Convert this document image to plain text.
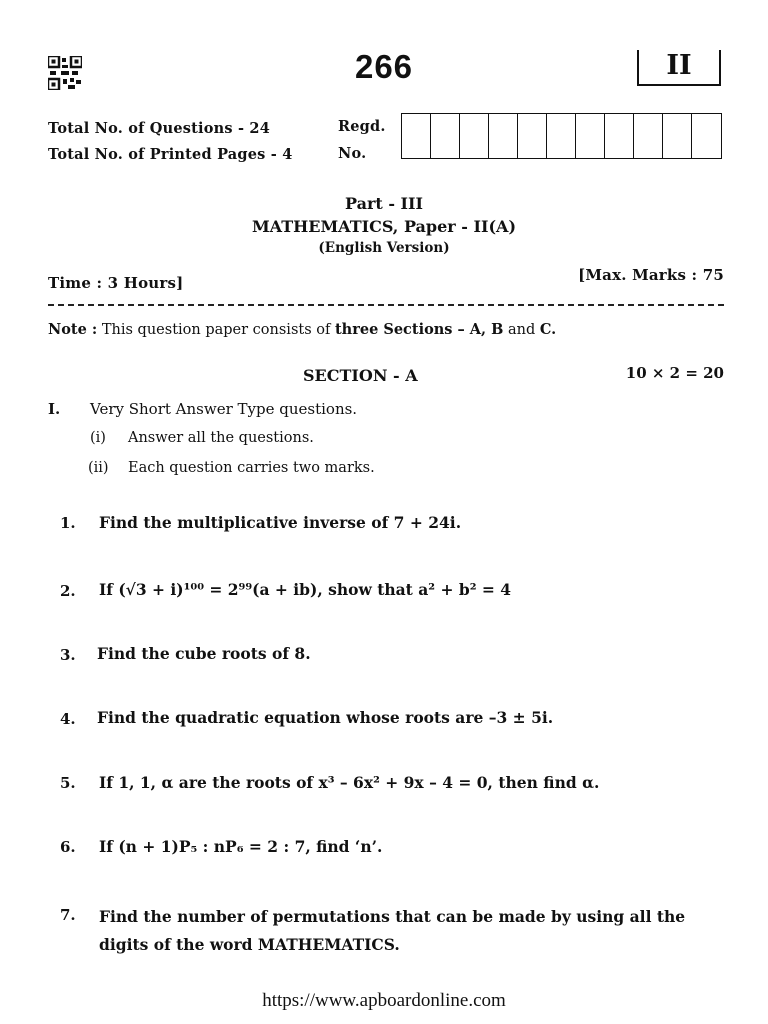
266	II
Total No. of Questions - 24
Total No. of Printed Pages - 4
Regd.
No.
Part - III
MATHEMATICS, Paper - II(A)
(English Version)
Time : 3 Hours]	[Max. Marks : 75
Note : This question paper consists of three Sections – A, B and C.
SECTION - A	10 × 2 = 20
I. Very Short Answer Type questions.
(i) Answer all the questions.
(ii) Each question carries two marks.
1. Find the multiplicative inverse of 7 + 24i.
2. If (√3 + i)¹⁰⁰ = 2⁹⁹(a + ib), show that a² + b² = 4
3. Find the cube roots of 8.
4. Find the quadratic equation whose roots are –3 ± 5i.
5. If 1, 1, α are the roots of x³ – 6x² + 9x – 4 = 0, then find α.
6. If (n + 1)P₅ : nP₆ = 2 : 7, find ‘n’.
7. Find the number of permutations that can be made by using all the
digits of the word MATHEMATICS.
https://www.apboardonline.com
